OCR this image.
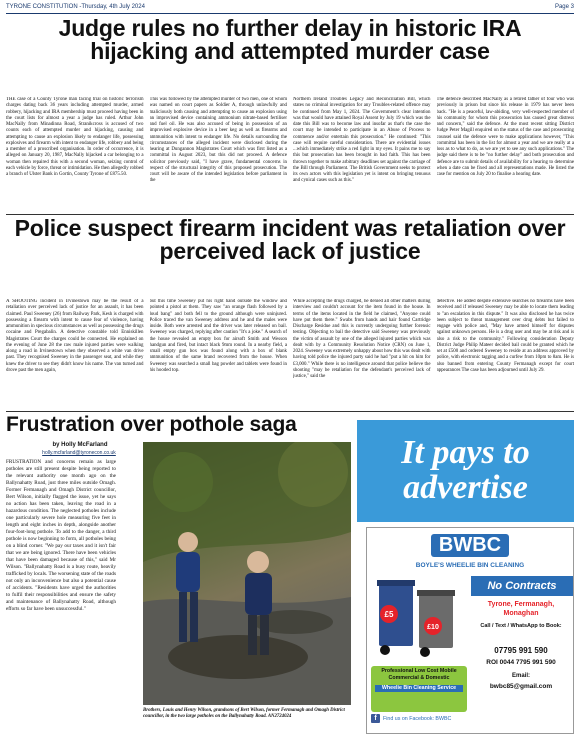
TYRONE CONSTITUTION -Thursday, 4th July 2024	Page 3
Judge rules no further delay in historic IRA hijacking and attempted murder case
THE case of a County Tyrone man facing trial on historic terrorism charges dating back 36 years including attempted murder, armed robbery, hijacking and IRA membership must proceed having been in the court lists for almost a year a judge has ruled. Arthur John MacNally from Minadinna Road, Stranikcross is accused of two counts each of attempted murder and hijacking, causing and attempting to cause an explosion likely to endanger life, possessing explosives and firearm with intent to endanger life, robbery and being a member of a proscribed organisation. In order of occurrence, it is alleged on January 20, 1987, MacNally hijacked a car belonging to a woman then repaired this with a second woman, seizing control of each vehicle by force, threat or intimidation. He then allegedly robbed a branch of Ulster Bank in Gortin, County Tyrone of £875.50.
This was followed by the attempted murder of two men, one of whom was named on court papers as Soldier A, through unlawfully and maliciously both causing and attempting to cause an explosion using an improvised device containing ammonium nitrate-based fertiliser and fuel oil. He was also accused of being in possession of an improvised explosive device in a beer keg as well as firearms and ammunition with intent to endanger life. No details surrounding the circumstances of the alleged incident were disclosed during the hearing at Dungannon Magistrates Court which was first listed as a committal in August 2023, but this did not proceed. A defence solicitor previously said, "I have grave, fundamental concerns in respect of the structural integrity of this proposed prosecution. The court will be aware of the intended legislation before parliament in the
Northern Ireland Troubles Legacy and Reconciliation Bill, which states no criminal investigation for any Troubles-related offence may be continued from May 1, 2024. The Government's clear intention was that would have attained Royal Assent by July 19 which was the date this Bill was to become law and insofar as that's the case the court may be intended to participate in an Abuse of Process to commence and/or entertain this prosecution." He continued: "This case will require careful consideration. There are evidential issues ...which immediately strike a red light in my eyes. It pains me to say this but prosecution has been brought in bad faith. This has been thrown together to make arbitrary deadlines set against the carriage of the Bill through Parliament. The British Government seeks to protect its own actors with this legislation yet is intent on bringing tenuous and cynical cases such as this."
The defence described MacNally as a retired father of four who was previously in prison but since his release in 1979 has never been back. "He is a peaceful, law-abiding, very well-respected member of his community for whom this prosecution has caused great distress and concern," said the defence. At the most recent sitting District Judge Peter Magill enquired on the status of the case and prosecuting counsel said the defence were to make applications however, "This committal has been in the list for almost a year and we are really at a loss as to what to do, as we are yet to see any such applications." The judge said there is to be "no further delay" and both prosecution and defence are to submit details of availability for a hearing to determine when a date can be fixed and all representations made. He listed the case for mention on July 20 to finalise a hearing date.
Police suspect firearm incident was retaliation over perceived lack of justice
A SHOOTING incident in Irvinestown may be the result of a retaliation over perceived lack of justice for an assault, it has been claimed. Paul Sweeney (26) from Railway Park, Kesh is charged with possessing a firearm with intent to cause fear of violence, having ammunition in specious circumstances as well as possessing the drugs cocaine and Pregabalin. A detective constable told Enniskillen Magistrates Court the charges could be connected. He explained on the evening of June 28 the raw male injured parties were walking along a road in Irvinestown when they observed a white van drive past. They recognised Sweeney in the passenger seat, and while they knew the driver to see they didn't know his name. The van turned and drove past the men again,
but this time Sweeney put his right hand outside the window and pointed a pistol at them. They saw "an orange flash followed by a loud bang" and both fell to the ground although were uninjured. Police traced the van Sweeney address and he and the males were inside. Both were arrested and the driver was later released on bail. Sweeney was charged, replying after caution "It's a joke." A search of the house revealed an empty box for airsoft Smith and Wesson handgun and fired, but intact black 9mm round. In a nearby field, a small empty gun box was found along with a box of blank ammunition of the same brand recovered from the house. When Sweeney was searched a small bag powder and tablets were found in his hooded top.
While accepting the drugs charged, he denied all other matters during interview and couldn't account for the item found in the house. In terms of the items located in the field he claimed, "Anyone could have put them there." Swabs from hands and hair found Cartridge Discharge Residue and this is currently undergoing further forensic testing. Objecting to bail the detective said Sweeney was previously the victim of assault by one of the alleged injured parties which was dealt with by a Community Resolution Notice (CRN) on June 1, 2024. Sweeney was extremely unhappy about how this was dealt with having told police the injured party said he had "put a hit on him for £3,000." While there is no intelligence around that police believe the shooting "may be retaliation for the defendant's perceived lack of justice," said the
detective. He added despite extensive searches no firearms have been received and if released Sweeney may be able to locate them leading to "an escalation in this dispute." It was also disclosed he has twice been subject to threat management over drug debts but failed to engage with police and, "May have armed himself for disputes against unknown persons. He is a drug user and may be at risk and is also a risk to the community." Following consideration Deputy District Judge Philip Mateer decided bail could be granted which he set at £500 and ordered Sweeney to reside at an address approved by police, with electronic tagging and a curfew from 10pm to 8am. He is also banned from entering County Fermanagh except for court appearances The case has been adjourned until July 29.
Frustration over pothole saga
by Holly McFarland
holly.mcfarland@tyronecon.co.uk
FRUSTRATION and concerns remain as large potholes are still present despite being reported to the relevant authority one month ago on the Ballynahatty Road, just three miles outside Omagh. Former Fermanagh and Omagh District councillor, Bert Wilson, initially flagged the issue, yet he says no action has been taken, leaving the road in a hazardous condition. The neglected potholes include one particularly severe hole measuring five feet in length and eight inches in depth, alongside another four-foot-long pothole. To add to the danger, a third pothole is now beginning to form, all potholes being on a blind corner. "We pay our taxes and it isn't fair that we are being ignored. There have been vehicles that have been damaged because of this," said Mr Wilson. "Ballynahatty Road is a busy route, heavily trafficked by locals. The worsening state of the roads not only an inconvenience but also a potential cause of accidents. "Residents have urged the authorities to fulfil their responsibilities and ensure the safety and maintenance of Ballynahatty Road, although efforts so far have been unsuccessful."
Brothers, Louis and Henry Wilson, grandsons of Bert Wilson, former Fermanagh and Omagh District councillor, in the two large potholes on the Ballynahatty Road. AN2724024
It pays to
advertise
BWBC
BOYLE'S WHEELIE BIN CLEANING
£5
£10
No Contracts
Tyrone, Fermanagh, Monaghan
Call / Text / WhatsApp to Book:
07795 991 590
ROI 0044 7795 991 590
Email:
bwbc85@gmail.com
Professional Low Cost Mobile
Commercial & Domestic
Wheelie Bin Cleaning Service
f	Find us on Facebook: BWBC
